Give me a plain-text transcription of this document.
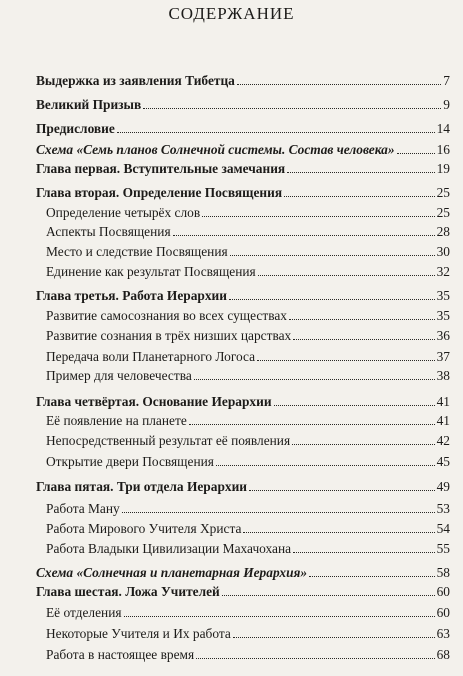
СОДЕРЖАНИЕ
Выдержка из заявления Тибетца	7
Великий Призыв	9
Предисловие	14
Схема «Семь планов Солнечной системы. Состав человека»	16
Глава первая. Вступительные замечания	19
Глава вторая. Определение Посвящения	25
Определение четырёх слов	25
Аспекты Посвящения	28
Место и следствие Посвящения	30
Единение как результат Посвящения	32
Глава третья. Работа Иерархии	35
Развитие самосознания во всех существах	35
Развитие сознания в трёх низших царствах	36
Передача воли Планетарного Логоса	37
Пример для человечества	38
Глава четвёртая. Основание Иерархии	41
Её появление на планете	41
Непосредственный результат её появления	42
Открытие двери Посвящения	45
Глава пятая. Три отдела Иерархии	49
Работа Ману	53
Работа Мирового Учителя Христа	54
Работа Владыки Цивилизации Махачохана	55
Схема «Солнечная и планетарная Иерархия»	58
Глава шестая. Ложа Учителей	60
Её отделения	60
Некоторые Учителя и Их работа	63
Работа в настоящее время	68
